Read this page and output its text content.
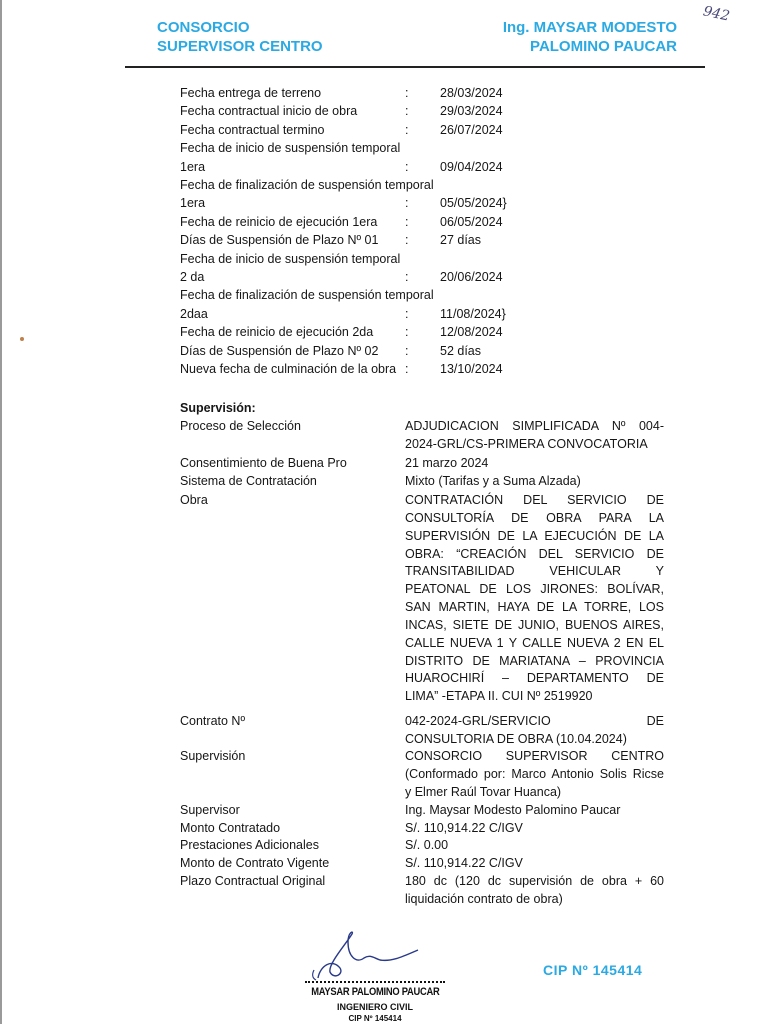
CONSORCIO
SUPERVISOR CENTRO
Ing. MAYSAR MODESTO
PALOMINO PAUCAR
942
Fecha entrega de terreno	:	28/03/2024
Fecha contractual inicio de obra	:	29/03/2024
Fecha contractual termino	:	26/07/2024
Fecha de inicio de suspensión temporal
1era	:	09/04/2024
Fecha de finalización de suspensión temporal
1era	:	05/05/2024}
Fecha de reinicio de ejecución 1era :	06/05/2024
Días de Suspensión de Plazo Nº 01 :	27 días
Fecha de inicio de suspensión temporal
2 da	:	20/06/2024
Fecha de finalización de suspensión temporal
2daa	:	11/08/2024}
Fecha de reinicio de ejecución 2da	:	12/08/2024
Días de Suspensión de Plazo Nº 02 :	52 días
Nueva fecha de culminación de la obra :	13/10/2024
Supervisión:
Proceso de Selección	ADJUDICACION SIMPLIFICADA Nº 004-
2024-GRL/CS-PRIMERA CONVOCATORIA
Consentimiento de Buena Pro	21 marzo 2024
Sistema de Contratación	Mixto (Tarifas y a Suma Alzada)
Obra	CONTRATACIÓN DEL SERVICIO DE
CONSULTORÍA DE OBRA PARA LA
SUPERVISIÓN DE LA EJECUCIÓN DE LA
OBRA: “CREACIÓN DEL SERVICIO DE
TRANSITABILIDAD VEHICULAR Y
PEATONAL DE LOS JIRONES: BOLÍVAR,
SAN MARTIN, HAYA DE LA TORRE, LOS
INCAS, SIETE DE JUNIO, BUENOS AIRES,
CALLE NUEVA 1 Y CALLE NUEVA 2 EN EL
DISTRITO DE MARIATANA – PROVINCIA
HUAROCHIRÍ – DEPARTAMENTO DE
LIMA” -ETAPA II. CUI Nº 2519920
Contrato Nº	042-2024-GRL/SERVICIO DE
CONSULTORIA DE OBRA (10.04.2024)
Supervisión	CONSORCIO SUPERVISOR CENTRO
(Conformado por: Marco Antonio Solis Ricse
y Elmer Raúl Tovar Huanca)
Supervisor	Ing. Maysar Modesto Palomino Paucar
Monto Contratado	S/. 110,914.22 C/IGV
Prestaciones Adicionales	S/. 0.00
Monto de Contrato Vigente	S/. 110,914.22 C/IGV
Plazo Contractual Original	180 dc (120 dc supervisión de obra + 60
liquidación contrato de obra)
MAYSAR PALOMINO PAUCAR
INGENIERO CIVIL
CIP Nº 145414
CIP Nº 145414
